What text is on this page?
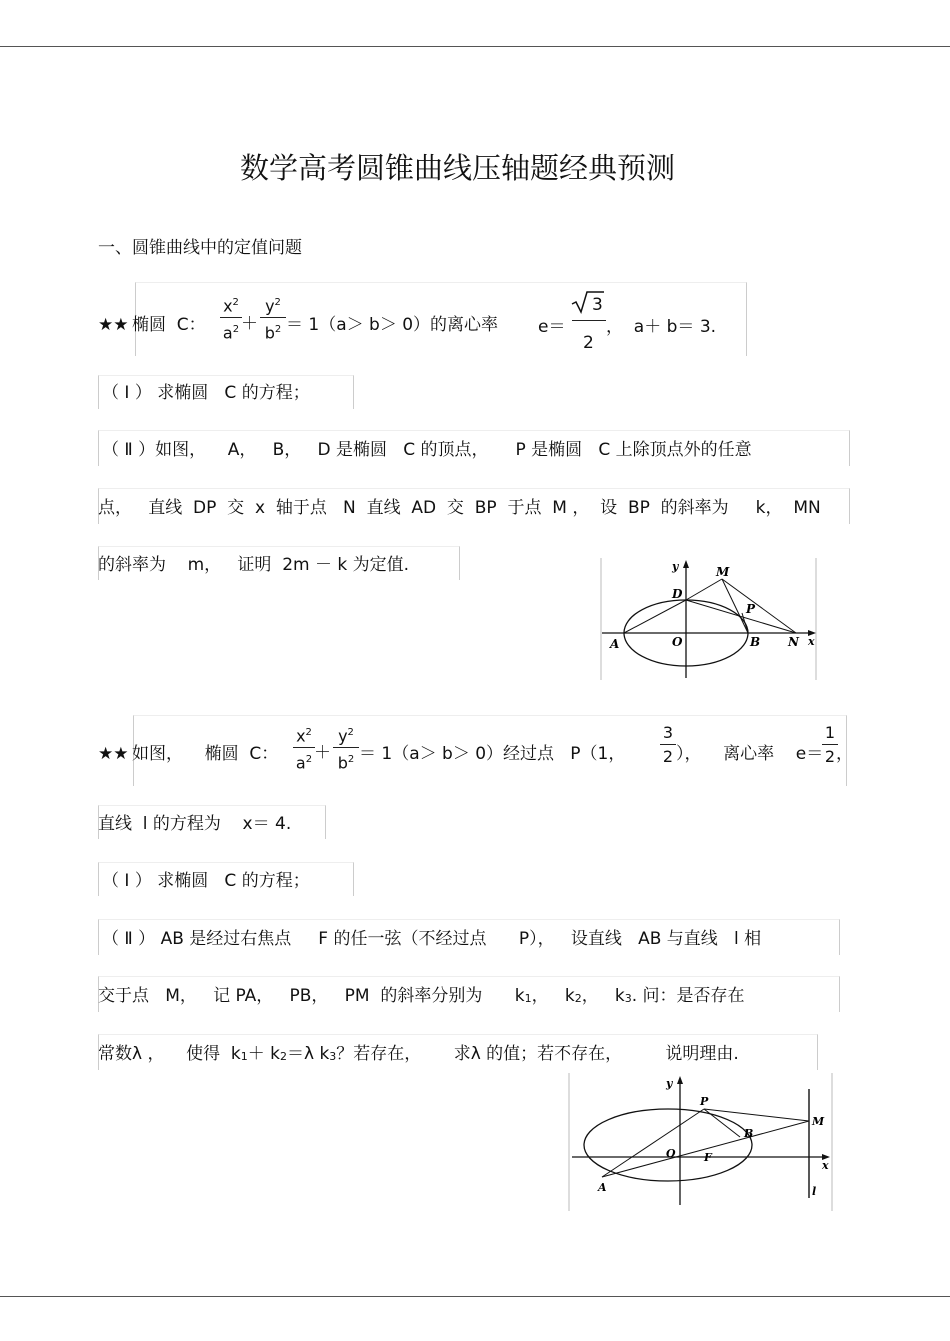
数学高考圆锥曲线压轴题经典预测
一、圆锥曲线中的定值问题
★★ 椭圆  C： $\frac{x^2}{a^2} + \frac{y^2}{b^2} = 1(a> b> 0)$的离心率 e＝
3
2
，  a＋ b＝ 3.
（ Ⅰ ） 求椭圆   C 的方程；
（ Ⅱ ）如图，    A，   B，   D 是椭圆   C 的顶点，     P 是椭圆   C 上除顶点外的任意
点，   直线  DP  交  x  轴于点   N  直线  AD  交  BP  于点  M ，  设  BP  的斜率为     k，  MN
的斜率为    m，   证明  2m － k 为定值.	y
D
M
P
A	O	B N x
★★ 如图，    椭圆  C： $\frac{x^2}{a^2} + \frac{y^2}{b^2} = 1(a> b> 0)$经过点   P（1， $\frac{3}{2}$ ），    离心率    e＝
$\frac{1}{2}$
，
直线  l 的方程为    x＝ 4.
（ Ⅰ ） 求椭圆   C 的方程；
（ Ⅱ ） AB 是经过右焦点     F 的任一弦（不经过点      P），   设直线   AB 与直线   l 相
交于点   M，   记 PA，   PB，   PM  的斜率分别为      k1，   k2，   k3. 问：是否存在
常数λ ，    使得  k1＋ k2＝λ k3？若存在，      求λ 的值；若不存在，        说明理由.
y
P
M
B
O	F
A
x
l
